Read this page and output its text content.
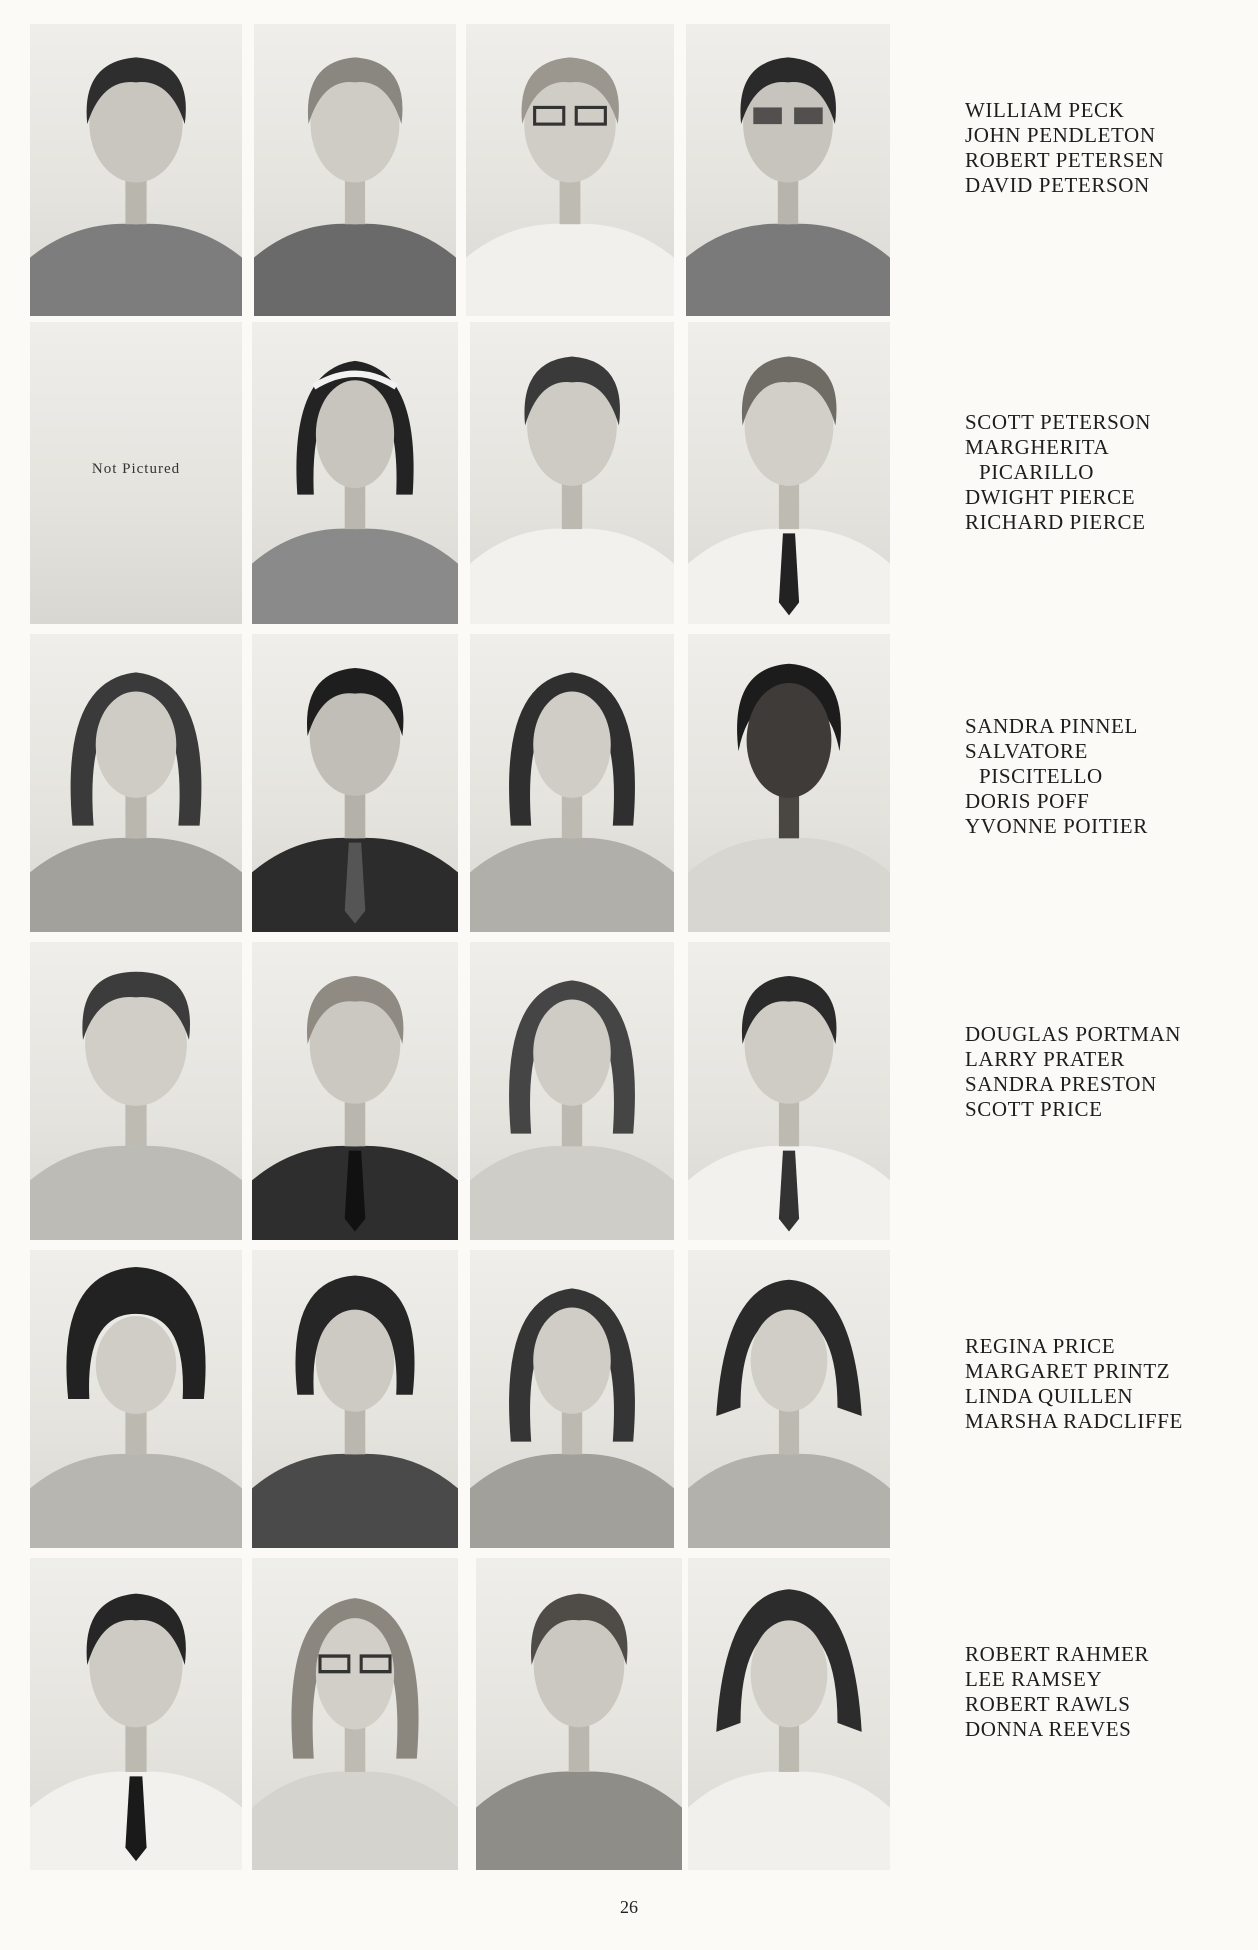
WILLIAM PECK
JOHN PENDLETON
ROBERT PETERSEN
DAVID PETERSON
Not Pictured
SCOTT PETERSON
MARGHERITA
PICARILLO
DWIGHT PIERCE
RICHARD PIERCE
SANDRA PINNEL
SALVATORE
PISCITELLO
DORIS POFF
YVONNE POITIER
DOUGLAS PORTMAN
LARRY PRATER
SANDRA PRESTON
SCOTT PRICE
REGINA PRICE
MARGARET PRINTZ
LINDA QUILLEN
MARSHA RADCLIFFE
ROBERT RAHMER
LEE RAMSEY
ROBERT RAWLS
DONNA REEVES
26
